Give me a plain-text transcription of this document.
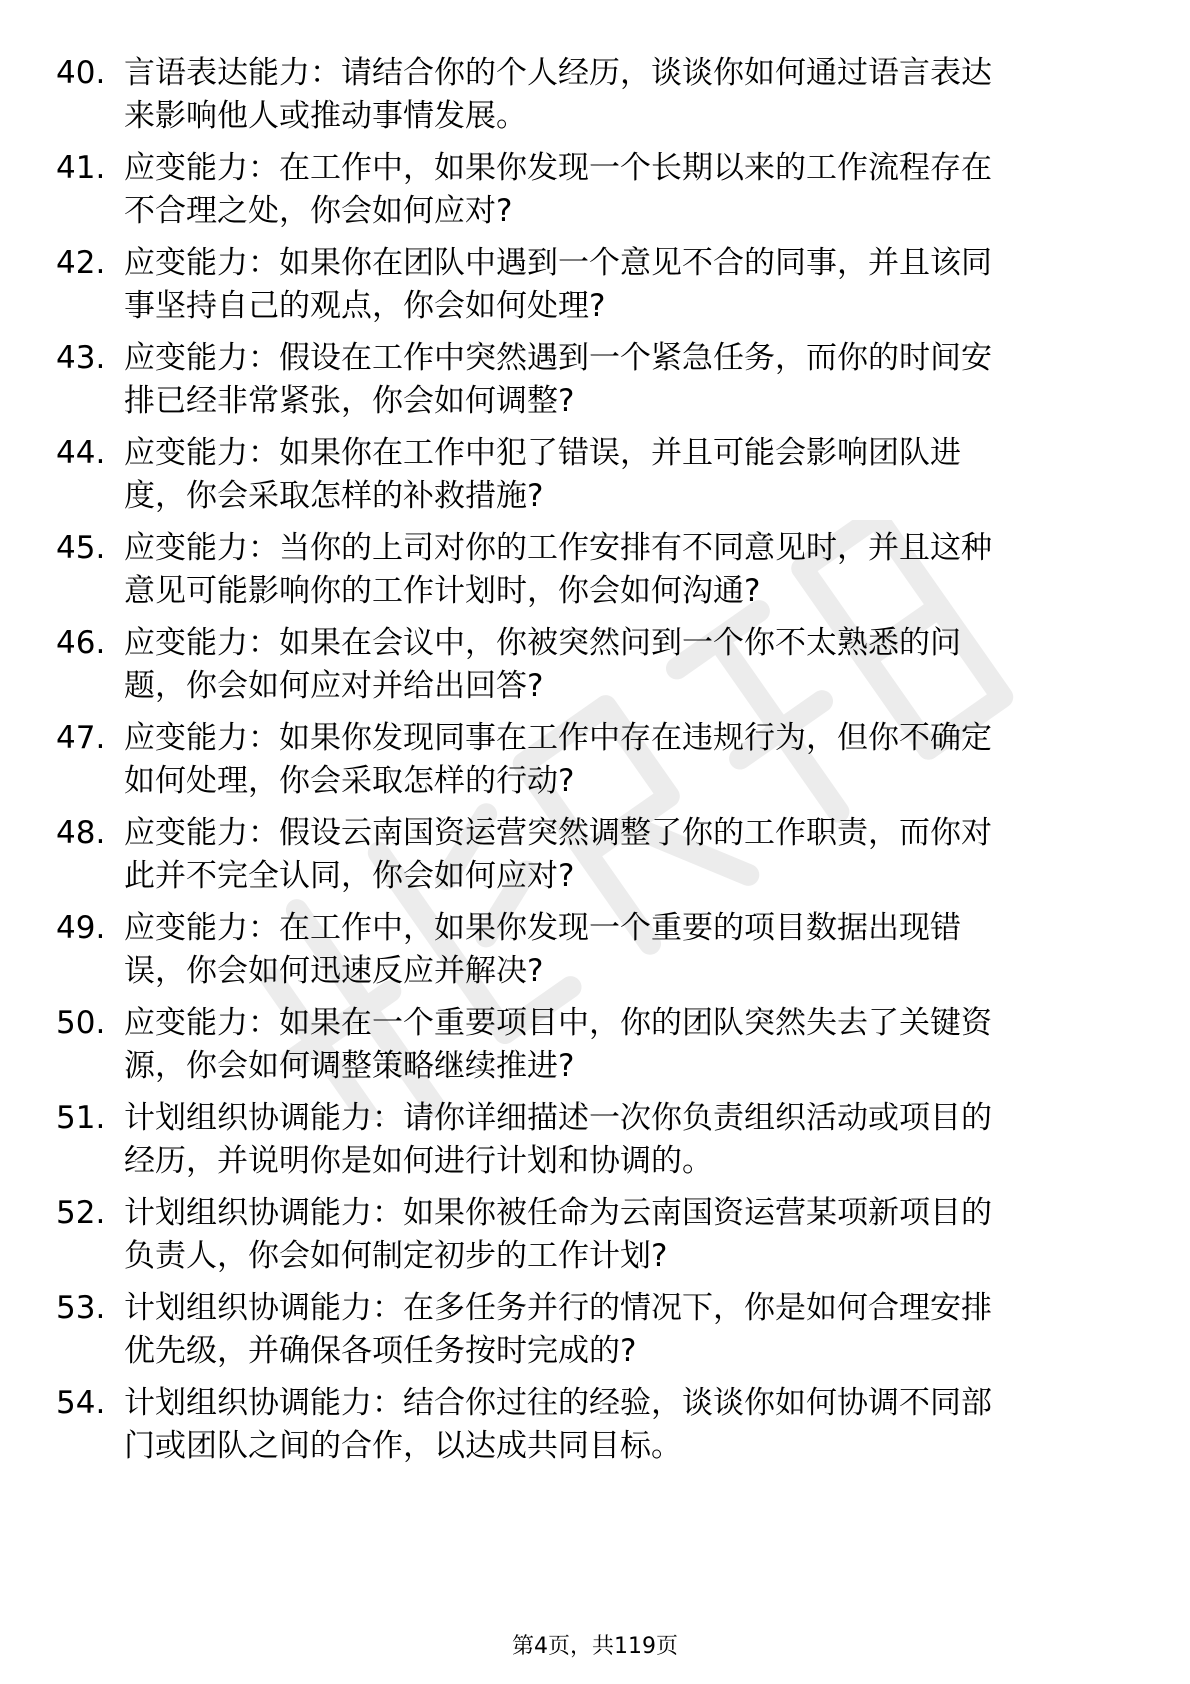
40. 言语表达能力：请结合你的个人经历，谈谈你如何通过语言表达
来影响他人或推动事情发展。
41. 应变能力：在工作中，如果你发现一个长期以来的工作流程存在
不合理之处，你会如何应对?
42. 应变能力：如果你在团队中遇到一个意见不合的同事，并且该同
事坚持自己的观点，你会如何处理?
43. 应变能力：假设在工作中突然遇到一个紧急任务，而你的时间安
排已经非常紧张，你会如何调整?
44. 应变能力：如果你在工作中犯了错误，并且可能会影响团队进
度，你会采取怎样的补救措施?
45. 应变能力：当你的上司对你的工作安排有不同意见时，并且这种
意见可能影响你的工作计划时，你会如何沟通?
46. 应变能力：如果在会议中，你被突然问到一个你不太熟悉的问
题，你会如何应对并给出回答?
47. 应变能力：如果你发现同事在工作中存在违规行为，但你不确定
如何处理，你会采取怎样的行动?
48. 应变能力：假设云南国资运营突然调整了你的工作职责，而你对
此并不完全认同，你会如何应对?
49. 应变能力：在工作中，如果你发现一个重要的项目数据出现错
误，你会如何迅速反应并解决?
50. 应变能力：如果在一个重要项目中，你的团队突然失去了关键资
源，你会如何调整策略继续推进?
51. 计划组织协调能力：请你详细描述一次你负责组织活动或项目的
经历，并说明你是如何进行计划和协调的。
52. 计划组织协调能力：如果你被任命为云南国资运营某项新项目的
负责人，你会如何制定初步的工作计划?
53. 计划组织协调能力：在多任务并行的情况下，你是如何合理安排
优先级，并确保各项任务按时完成的?
54. 计划组织协调能力：结合你过往的经验，谈谈你如何协调不同部
门或团队之间的合作，以达成共同目标。
第4页，共119页
